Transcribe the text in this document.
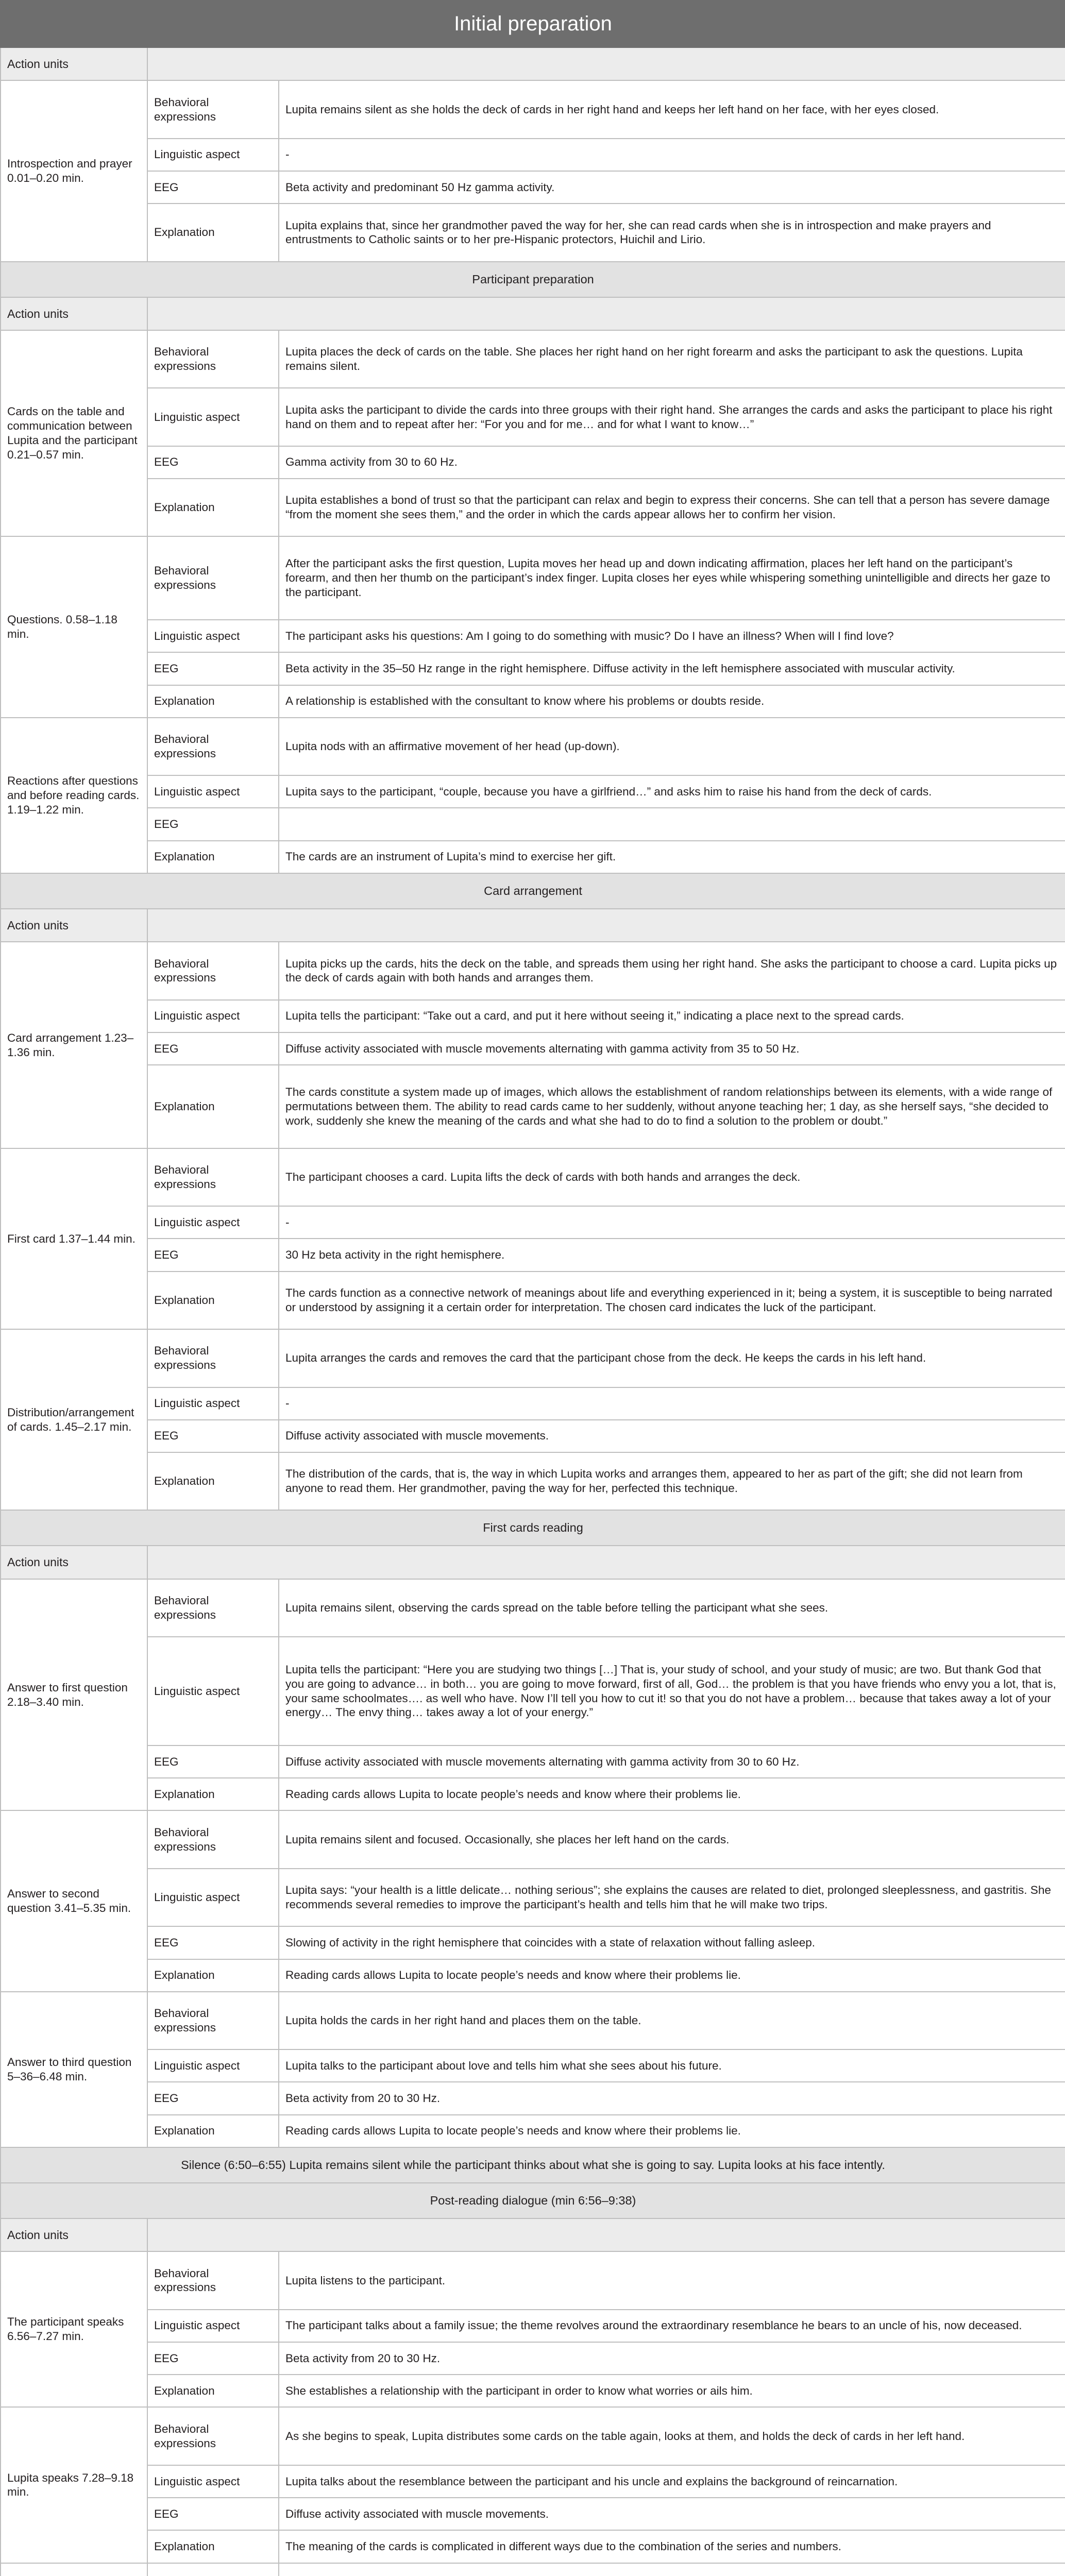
Initial preparation		
Action units		
Introspection and prayer 0.01–0.20 min.	Behavioral expressions	Lupita remains silent as she holds the deck of cards in her right hand and keeps her left hand on her face, with her eyes closed.
	Linguistic aspect	-
	EEG	Beta activity and predominant 50 Hz gamma activity.
	Explanation	Lupita explains that, since her grandmother paved the way for her, she can read cards when she is in introspection and make prayers and entrustments to Catholic saints or to her pre-Hispanic protectors, Huichil and Lirio.
Participant preparation		
Action units		
Cards on the table and communication between Lupita and the participant 0.21–0.57 min.	Behavioral expressions	Lupita places the deck of cards on the table. She places her right hand on her right forearm and asks the participant to ask the questions. Lupita remains silent.
	Linguistic aspect	Lupita asks the participant to divide the cards into three groups with their right hand. She arranges the cards and asks the participant to place his right hand on them and to repeat after her: “For you and for me… and for what I want to know…”
	EEG	Gamma activity from 30 to 60 Hz.
	Explanation	Lupita establishes a bond of trust so that the participant can relax and begin to express their concerns. She can tell that a person has severe damage “from the moment she sees them,” and the order in which the cards appear allows her to confirm her vision.
Questions. 0.58–1.18 min.	Behavioral expressions	After the participant asks the first question, Lupita moves her head up and down indicating affirmation, places her left hand on the participant’s forearm, and then her thumb on the participant’s index finger. Lupita closes her eyes while whispering something unintelligible and directs her gaze to the participant.
	Linguistic aspect	The participant asks his questions: Am I going to do something with music? Do I have an illness? When will I find love?
	EEG	Beta activity in the 35–50 Hz range in the right hemisphere. Diffuse activity in the left hemisphere associated with muscular activity.
	Explanation	A relationship is established with the consultant to know where his problems or doubts reside.
Reactions after questions and before reading cards. 1.19–1.22 min.	Behavioral expressions	Lupita nods with an affirmative movement of her head (up-down).
	Linguistic aspect	Lupita says to the participant, “couple, because you have a girlfriend…” and asks him to raise his hand from the deck of cards.
	EEG	
	Explanation	The cards are an instrument of Lupita’s mind to exercise her gift.
Card arrangement		
Action units		
Card arrangement 1.23–1.36 min.	Behavioral expressions	Lupita picks up the cards, hits the deck on the table, and spreads them using her right hand. She asks the participant to choose a card. Lupita picks up the deck of cards again with both hands and arranges them.
	Linguistic aspect	Lupita tells the participant: “Take out a card, and put it here without seeing it,” indicating a place next to the spread cards.
	EEG	Diffuse activity associated with muscle movements alternating with gamma activity from 35 to 50 Hz.
	Explanation	The cards constitute a system made up of images, which allows the establishment of random relationships between its elements, with a wide range of permutations between them. The ability to read cards came to her suddenly, without anyone teaching her; 1 day, as she herself says, “she decided to work, suddenly she knew the meaning of the cards and what she had to do to find a solution to the problem or doubt.”
First card 1.37–1.44 min.	Behavioral expressions	The participant chooses a card. Lupita lifts the deck of cards with both hands and arranges the deck.
	Linguistic aspect	-
	EEG	30 Hz beta activity in the right hemisphere.
	Explanation	The cards function as a connective network of meanings about life and everything experienced in it; being a system, it is susceptible to being narrated or understood by assigning it a certain order for interpretation. The chosen card indicates the luck of the participant.
Distribution/arrangement of cards. 1.45–2.17 min.	Behavioral expressions	Lupita arranges the cards and removes the card that the participant chose from the deck. He keeps the cards in his left hand.
	Linguistic aspect	-
	EEG	Diffuse activity associated with muscle movements.
	Explanation	The distribution of the cards, that is, the way in which Lupita works and arranges them, appeared to her as part of the gift; she did not learn from anyone to read them. Her grandmother, paving the way for her, perfected this technique.
First cards reading		
Action units		
Answer to first question 2.18–3.40 min.	Behavioral expressions	Lupita remains silent, observing the cards spread on the table before telling the participant what she sees.
	Linguistic aspect	Lupita tells the participant: “Here you are studying two things […] That is, your study of school, and your study of music; are two. But thank God that you are going to advance… in both… you are going to move forward, first of all, God… the problem is that you have friends who envy you a lot, that is, your same schoolmates…. as well who have. Now I’ll tell you how to cut it! so that you do not have a problem… because that takes away a lot of your energy… The envy thing… takes away a lot of your energy.”
	EEG	Diffuse activity associated with muscle movements alternating with gamma activity from 30 to 60 Hz.
	Explanation	Reading cards allows Lupita to locate people’s needs and know where their problems lie.
Answer to second question 3.41–5.35 min.	Behavioral expressions	Lupita remains silent and focused. Occasionally, she places her left hand on the cards.
	Linguistic aspect	Lupita says: “your health is a little delicate… nothing serious”; she explains the causes are related to diet, prolonged sleeplessness, and gastritis. She recommends several remedies to improve the participant’s health and tells him that he will make two trips.
	EEG	Slowing of activity in the right hemisphere that coincides with a state of relaxation without falling asleep.
	Explanation	Reading cards allows Lupita to locate people’s needs and know where their problems lie.
Answer to third question 5–36–6.48 min.	Behavioral expressions	Lupita holds the cards in her right hand and places them on the table.
	Linguistic aspect	Lupita talks to the participant about love and tells him what she sees about his future.
	EEG	Beta activity from 20 to 30 Hz.
	Explanation	Reading cards allows Lupita to locate people’s needs and know where their problems lie.
Silence (6:50–6:55) Lupita remains silent while the participant thinks about what she is going to say. Lupita looks at his face intently.		
Post-reading dialogue (min 6:56–9:38)		
Action units		
The participant speaks 6.56–7.27 min.	Behavioral expressions	Lupita listens to the participant.
	Linguistic aspect	The participant talks about a family issue; the theme revolves around the extraordinary resemblance he bears to an uncle of his, now deceased.
	EEG	Beta activity from 20 to 30 Hz.
	Explanation	She establishes a relationship with the participant in order to know what worries or ails him.
Lupita speaks 7.28–9.18 min.	Behavioral expressions	As she begins to speak, Lupita distributes some cards on the table again, looks at them, and holds the deck of cards in her left hand.
	Linguistic aspect	Lupita talks about the resemblance between the participant and his uncle and explains the background of reincarnation.
	EEG	Diffuse activity associated with muscle movements.
	Explanation	The meaning of the cards is complicated in different ways due to the combination of the series and numbers.
